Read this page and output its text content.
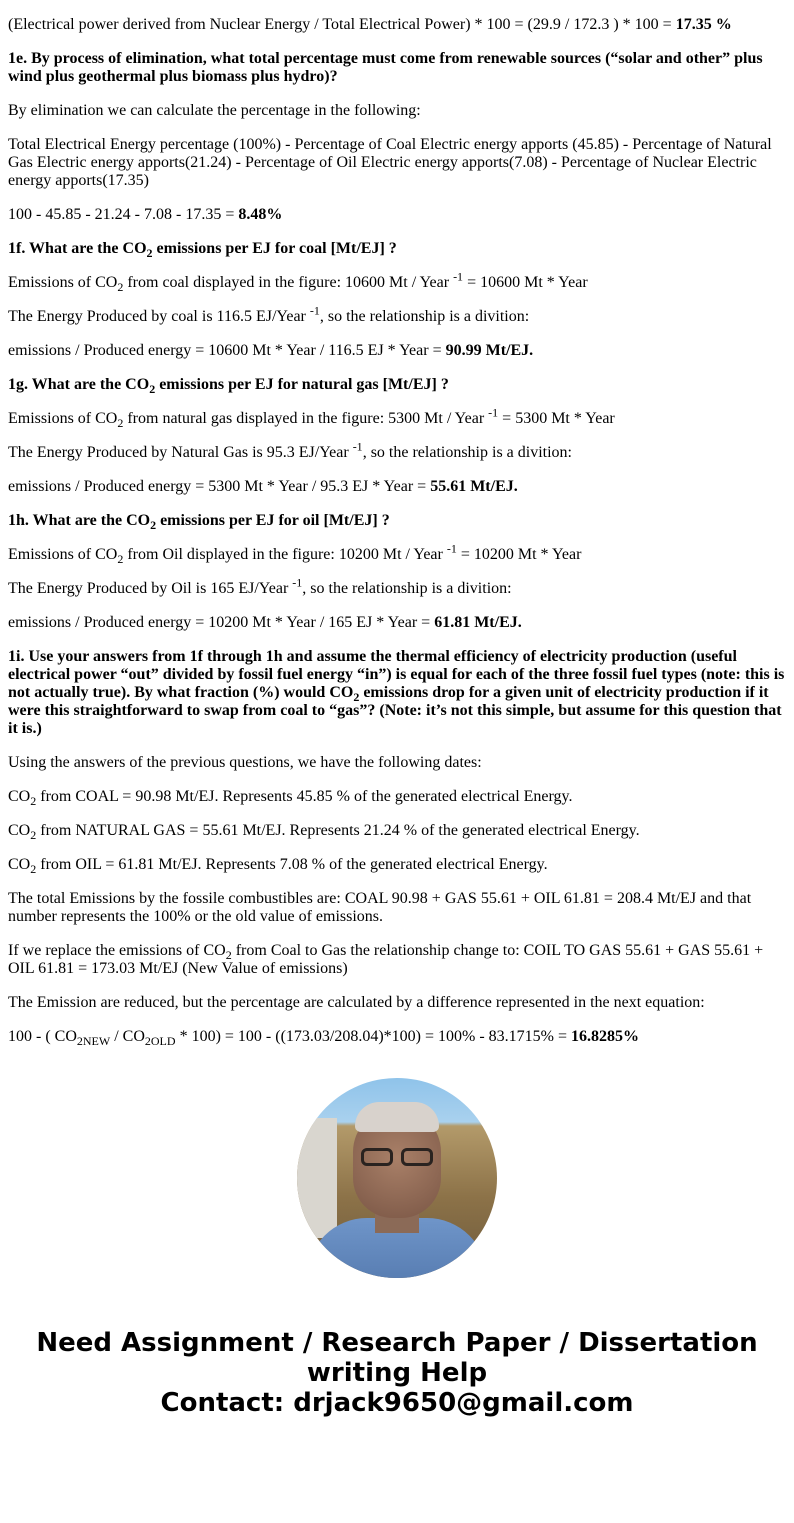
(Electrical power derived from Nuclear Energy / Total Electrical Power) * 100 = (29.9 / 172.3 ) * 100 = 17.35 %

1e. By process of elimination, what total percentage must come from renewable sources (“solar and other” plus wind plus geothermal plus biomass plus hydro)?

By elimination we can calculate the percentage in the following:

Total Electrical Energy percentage (100%) - Percentage of Coal Electric energy apports (45.85) - Percentage of Natural Gas Electric energy apports(21.24) - Percentage of Oil Electric energy apports(7.08) - Percentage of Nuclear Electric energy apports(17.35)

100 - 45.85 - 21.24 - 7.08 - 17.35 = 8.48%

1f. What are the $CO_2$ emissions per EJ for coal [Mt/EJ] ?

Emissions of $CO_2$ from coal displayed in the figure: 10600 Mt / Year $^{-1}$ = 10600 Mt * Year

The Energy Produced by coal is 116.5 EJ/Year $^{-1}$, so the relationship is a divition:

emissions / Produced energy = 10600 Mt * Year / 116.5 EJ * Year = 90.99 Mt/EJ.

1g. What are the $CO_2$ emissions per EJ for natural gas [Mt/EJ] ?

Emissions of $CO_2$ from natural gas displayed in the figure: 5300 Mt / Year $^{-1}$ = 5300 Mt * Year

The Energy Produced by Natural Gas is 95.3 EJ/Year $^{-1}$, so the relationship is a divition:

emissions / Produced energy = 5300 Mt * Year / 95.3 EJ * Year = 55.61 Mt/EJ.

1h. What are the $CO_2$ emissions per EJ for oil [Mt/EJ] ?

Emissions of $CO_2$ from Oil displayed in the figure: 10200 Mt / Year $^{-1}$ = 10200 Mt * Year

The Energy Produced by Oil is 165 EJ/Year $^{-1}$, so the relationship is a divition:

emissions / Produced energy = 10200 Mt * Year / 165 EJ * Year = 61.81 Mt/EJ.

1i. Use your answers from 1f through 1h and assume the thermal efficiency of electricity production (useful electrical power “out” divided by fossil fuel energy “in”) is equal for each of the three fossil fuel types (note: this is not actually true). By what fraction (%) would $CO_2$ emissions drop for a given unit of electricity production if it were this straightforward to swap from coal to “gas”? (Note: it’s not this simple, but assume for this question that it is.)

Using the answers of the previous questions, we have the following dates:

$CO_2$ from COAL = 90.98 Mt/EJ. Represents 45.85 % of the generated electrical Energy.

$CO_2$ from NATURAL GAS = 55.61 Mt/EJ. Represents 21.24 % of the generated electrical Energy.

$CO_2$ from OIL = 61.81 Mt/EJ. Represents 7.08 % of the generated electrical Energy.

The total Emissions by the fossile combustibles are: COAL 90.98 + GAS 55.61 + OIL 61.81 = 208.4 Mt/EJ and that number represents the 100% or the old value of emissions.

If we replace the emissions of $CO_2$ from Coal to Gas the relationship change to: COIL TO GAS 55.61 + GAS 55.61 + OIL 61.81 = 173.03 Mt/EJ (New Value of emissions)

The Emission are reduced, but the percentage are calculated by a difference represented in the next equation:

100 - ( $CO_{2NEW} / CO_{2OLD} * 100) = 100 - ((173.03/208.04)*100) = 100\% - 83.1715\% = 16.8285\%$

Need Assignment / Research Paper / Dissertation writing Help
Contact: drjack9650@gmail.com
